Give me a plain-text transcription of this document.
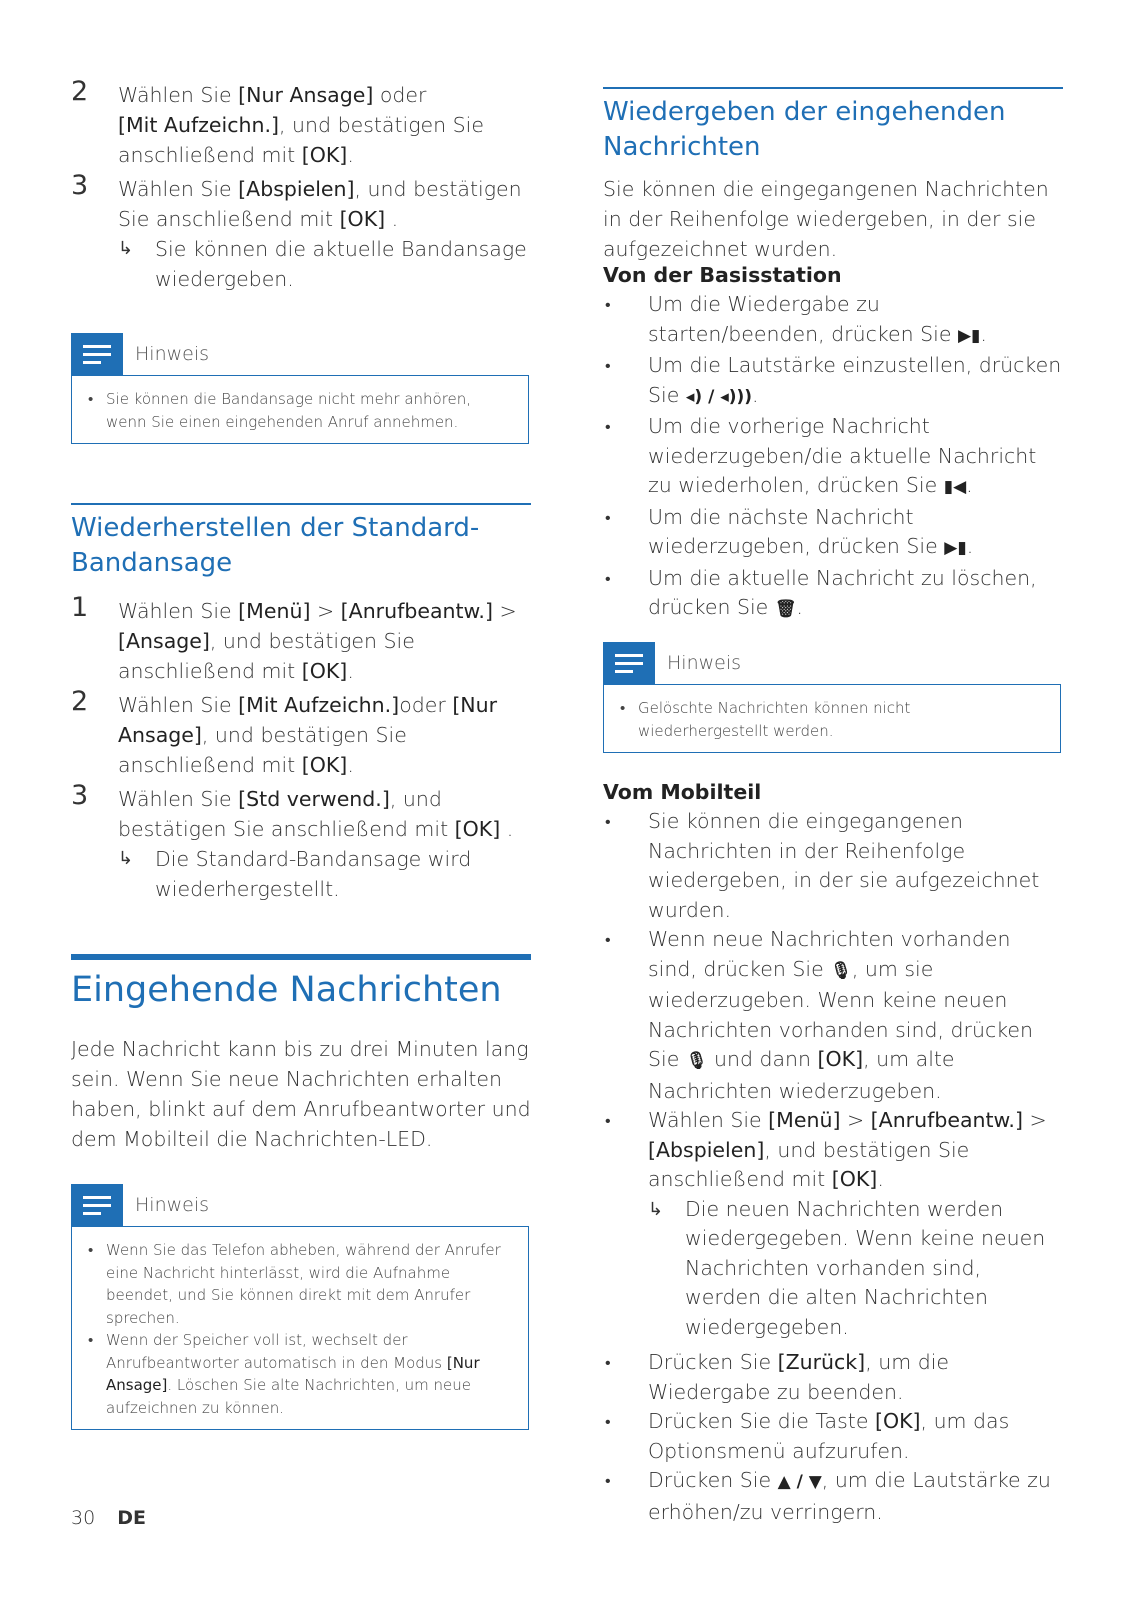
2 Wählen Sie [Nur Ansage] oder
[Mit Aufzeichn.], und bestätigen Sie anschließend mit [OK].
3 Wählen Sie [Abspielen], und bestätigen Sie anschließend mit [OK] .
↳ Sie können die aktuelle Bandansage wiedergeben.
Hinweis
• Sie können die Bandansage nicht mehr anhören, wenn Sie einen eingehenden Anruf annehmen.
Wiederherstellen der Standard-Bandansage
1 Wählen Sie [Menü] > [Anrufbeantw.] > [Ansage], und bestätigen Sie anschließend mit [OK].
2 Wählen Sie [Mit Aufzeichn.]oder [Nur Ansage], und bestätigen Sie anschließend mit [OK].
3 Wählen Sie [Std verwend.], und bestätigen Sie anschließend mit [OK] .
↳ Die Standard-Bandansage wird wiederhergestellt.
Eingehende Nachrichten
Jede Nachricht kann bis zu drei Minuten lang sein. Wenn Sie neue Nachrichten erhalten haben, blinkt auf dem Anrufbeantworter und dem Mobilteil die Nachrichten-LED.
Hinweis
• Wenn Sie das Telefon abheben, während der Anrufer eine Nachricht hinterlässt, wird die Aufnahme beendet, und Sie können direkt mit dem Anrufer sprechen.
• Wenn der Speicher voll ist, wechselt der Anrufbeantworter automatisch in den Modus [Nur Ansage]. Löschen Sie alte Nachrichten, um neue aufzeichnen zu können.
Wiedergeben der eingehenden Nachrichten
Sie können die eingegangenen Nachrichten in der Reihenfolge wiedergeben, in der sie aufgezeichnet wurden.
Von der Basisstation
• Um die Wiedergabe zu starten/beenden, drücken Sie ▶▮.
• Um die Lautstärke einzustellen, drücken Sie ◂) / ◂))).
• Um die vorherige Nachricht wiederzugeben/die aktuelle Nachricht zu wiederholen, drücken Sie ▮◀.
• Um die nächste Nachricht wiederzugeben, drücken Sie ▶▮.
• Um die aktuelle Nachricht zu löschen, drücken Sie 🗑.
Hinweis
• Gelöschte Nachrichten können nicht wiederhergestellt werden.
Vom Mobilteil
• Sie können die eingegangenen Nachrichten in der Reihenfolge wiedergeben, in der sie aufgezeichnet wurden.
• Wenn neue Nachrichten vorhanden sind, drücken Sie 🎙, um sie wiederzugeben. Wenn keine neuen Nachrichten vorhanden sind, drücken Sie 🎙 und dann [OK], um alte Nachrichten wiederzugeben.
• Wählen Sie [Menü] > [Anrufbeantw.] > [Abspielen], und bestätigen Sie anschließend mit [OK].
↳ Die neuen Nachrichten werden wiedergegeben. Wenn keine neuen Nachrichten vorhanden sind, werden die alten Nachrichten wiedergegeben.
• Drücken Sie [Zurück], um die Wiedergabe zu beenden.
• Drücken Sie die Taste [OK], um das Optionsmenü aufzurufen.
• Drücken Sie ▲ / ▼, um die Lautstärke zu erhöhen/zu verringern.
30 DE
